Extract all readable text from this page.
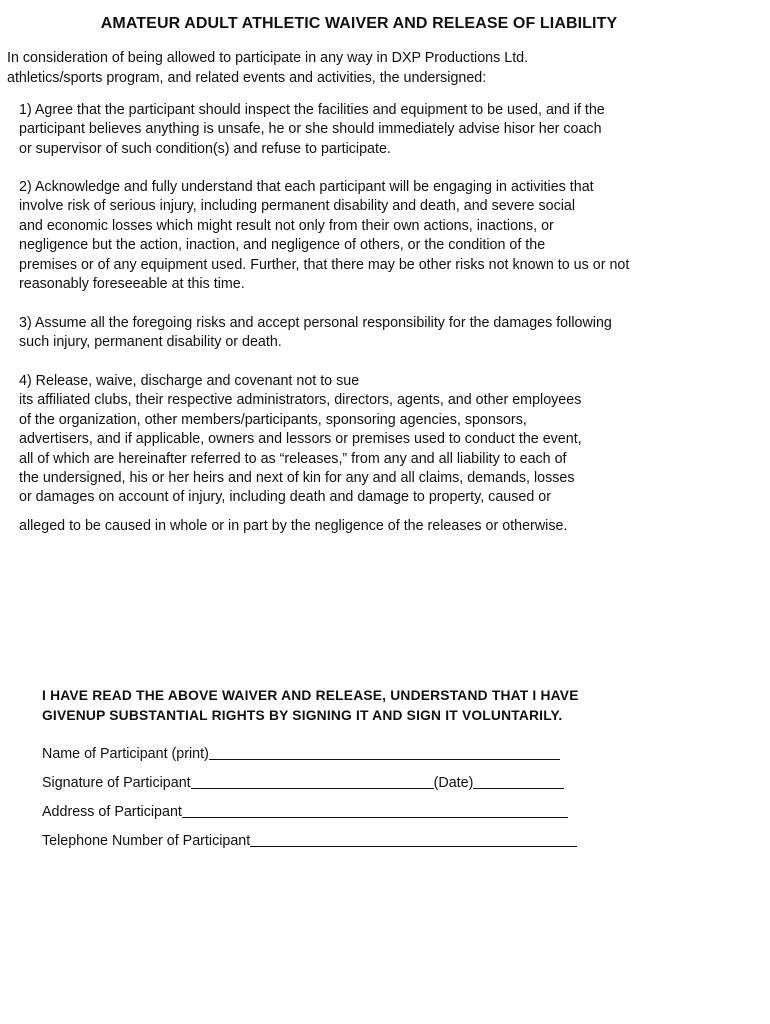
AMATEUR ADULT ATHLETIC WAIVER AND RELEASE OF LIABILITY
In consideration of being allowed to participate in any way in DXP Productions Ltd.
athletics/sports program, and related events and activities, the undersigned:
1) Agree that the participant should inspect the facilities and equipment to be used, and if the
participant believes anything is unsafe, he or she should immediately advise hisor her coach
or supervisor of such condition(s) and refuse to participate.
2) Acknowledge and fully understand that each participant will be engaging in activities that
involve risk of serious injury, including permanent disability and death, and severe social
and economic losses which might result not only from their own actions, inactions, or
negligence but the action, inaction, and negligence of others, or the condition of the
premises or of any equipment used. Further, that there may be other risks not known to us or not
reasonably foreseeable at this time.
3) Assume all the foregoing risks and accept personal responsibility for the damages following
such injury, permanent disability or death.
4) Release, waive, discharge and covenant not to sue
its affiliated clubs, their respective administrators, directors, agents, and other employees
of the organization, other members/participants, sponsoring agencies, sponsors,
advertisers, and if applicable, owners and lessors or premises used to conduct the event,
all of which are hereinafter referred to as “releases,” from any and all liability to each of
the undersigned, his or her heirs and next of kin for any and all claims, demands, losses
or damages on account of injury, including death and damage to property, caused or
alleged to be caused in whole or in part by the negligence of the releases or otherwise.
I HAVE READ THE ABOVE WAIVER AND RELEASE, UNDERSTAND THAT I HAVE
GIVENUP SUBSTANTIAL RIGHTS BY SIGNING IT AND SIGN IT VOLUNTARILY.
Name of Participant (print)
Signature of Participant	(Date)
Address of Participant
Telephone Number of Participant
